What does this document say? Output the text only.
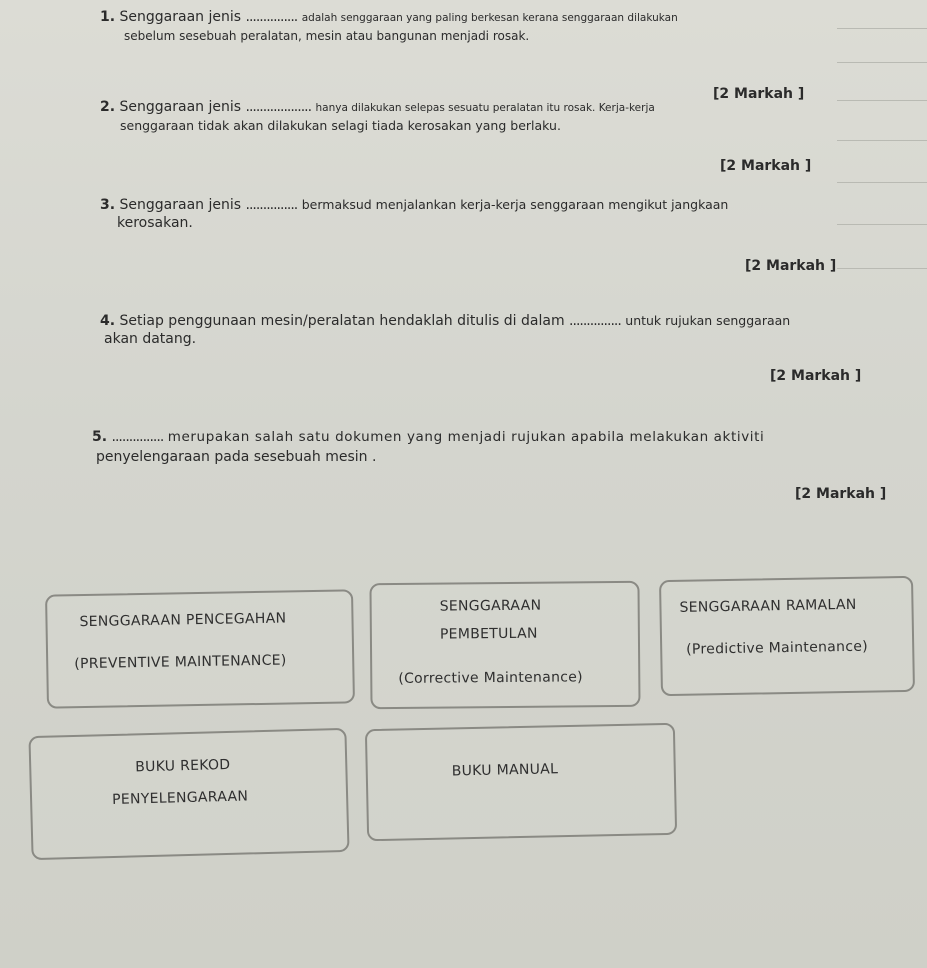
1. Senggaraan jenis ............... adalah senggaraan yang paling berkesan kerana senggaraan dilakukan
sebelum sesebuah peralatan, mesin atau bangunan menjadi rosak.
[2 Markah ]
2. Senggaraan jenis ................... hanya dilakukan selepas sesuatu peralatan itu rosak. Kerja-kerja
senggaraan tidak akan dilakukan selagi tiada kerosakan yang berlaku.
[2 Markah ]
3. Senggaraan jenis ............... bermaksud menjalankan kerja-kerja senggaraan mengikut jangkaan
kerosakan.
[2 Markah ]
4. Setiap penggunaan mesin/peralatan hendaklah ditulis di dalam ............... untuk rujukan senggaraan
akan datang.
[2 Markah ]
5. ............... merupakan salah satu dokumen yang menjadi rujukan apabila melakukan aktiviti
penyelengaraan pada sesebuah mesin .
[2 Markah ]
SENGGARAAN PENCEGAHAN
(PREVENTIVE MAINTENANCE)
SENGGARAAN
PEMBETULAN
(Corrective Maintenance)
SENGGARAAN RAMALAN
(Predictive Maintenance)
BUKU REKOD
PENYELENGARAAN
BUKU MANUAL
